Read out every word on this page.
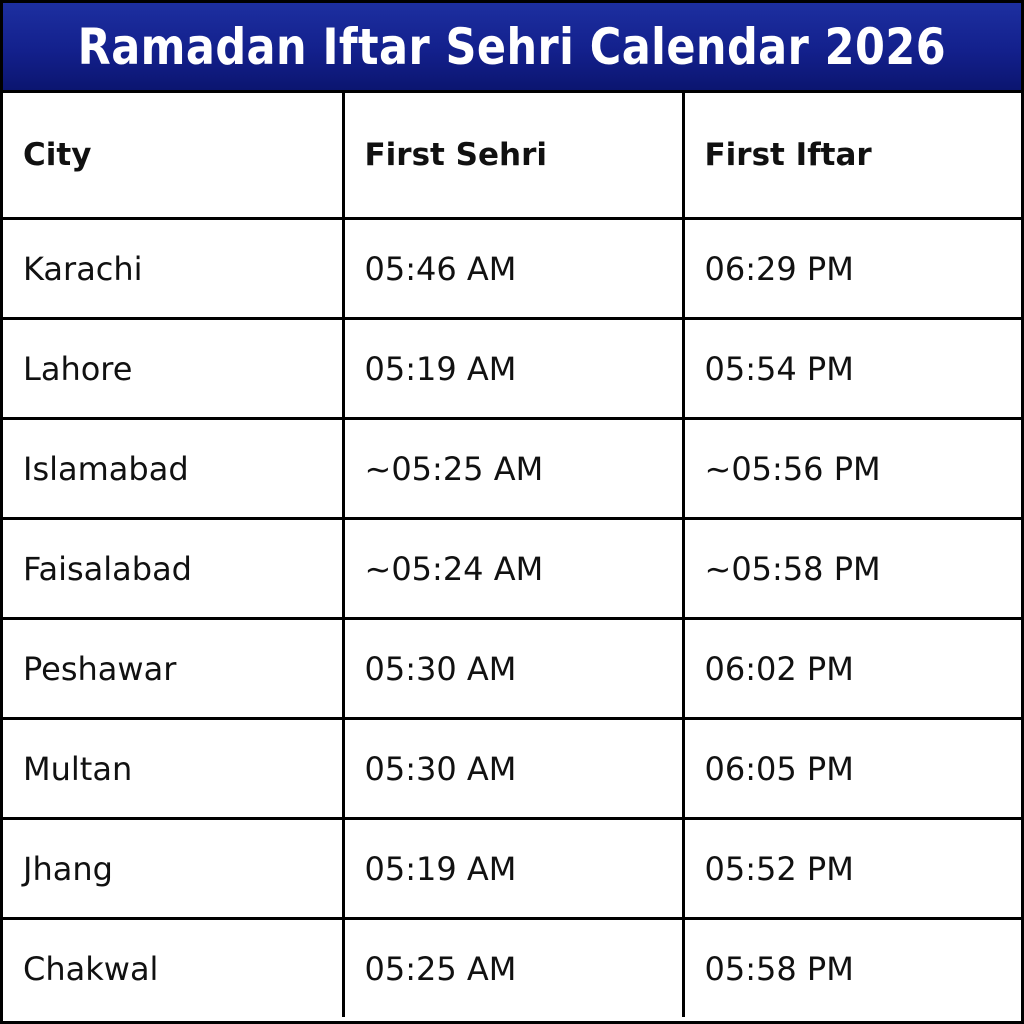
Ramadan Iftar Sehri Calendar 2026
City	First Sehri	First Iftar
Karachi	05:46 AM	06:29 PM
Lahore	05:19 AM	05:54 PM
Islamabad	~05:25 AM	~05:56 PM
Faisalabad	~05:24 AM	~05:58 PM
Peshawar	05:30 AM	06:02 PM
Multan	05:30 AM	06:05 PM
Jhang	05:19 AM	05:52 PM
Chakwal	05:25 AM	05:58 PM
